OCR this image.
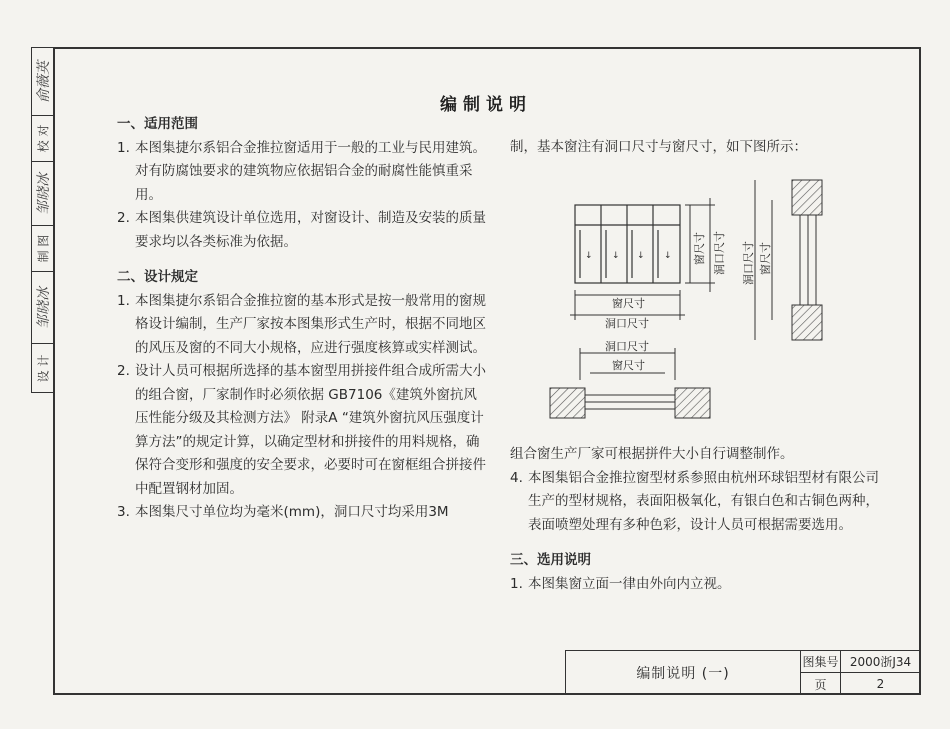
俞薇英
校 对
邹晓冰
制 图
邹晓冰
设 计
编制说明
一、适用范围
1. 本图集捷尔系铝合金推拉窗适用于一般的工业与民用建筑。对有防腐蚀要求的建筑物应依据铝合金的耐腐性能慎重采用。
2. 本图集供建筑设计单位选用，对窗设计、制造及安装的质量要求均以各类标准为依据。
二、设计规定
1. 本图集捷尔系铝合金推拉窗的基本形式是按一般常用的窗规格设计编制，生产厂家按本图集形式生产时，根据不同地区的风压及窗的不同大小规格，应进行强度核算或实样测试。
2. 设计人员可根据所选择的基本窗型用拼接件组合成所需大小的组合窗，厂家制作时必须依据 GB7106《建筑外窗抗风压性能分级及其检测方法》 附录A “建筑外窗抗风压强度计算方法”的规定计算，以确定型材和拼接件的用料规格，确保符合变形和强度的安全要求，必要时可在窗框组合拼接件中配置钢材加固。
3. 本图集尺寸单位均为毫米(mm)，洞口尺寸均采用3M
制，基本窗注有洞口尺寸与窗尺寸，如下图所示：
↓ ↓ ↓ ↓ 窗尺寸 洞口尺寸
窗尺寸
洞口尺寸
洞口尺寸
窗尺寸
洞口尺寸 窗尺寸
组合窗生产厂家可根据拼件大小自行调整制作。
4. 本图集铝合金推拉窗型材系参照由杭州环球铝型材有限公司生产的型材规格，表面阳极氧化，有银白色和古铜色两种，表面喷塑处理有多种色彩，设计人员可根据需要选用。
三、选用说明
1. 本图集窗立面一律由外向内立视。
编制说明 (一)
图集号 2000浙J34
页	2
